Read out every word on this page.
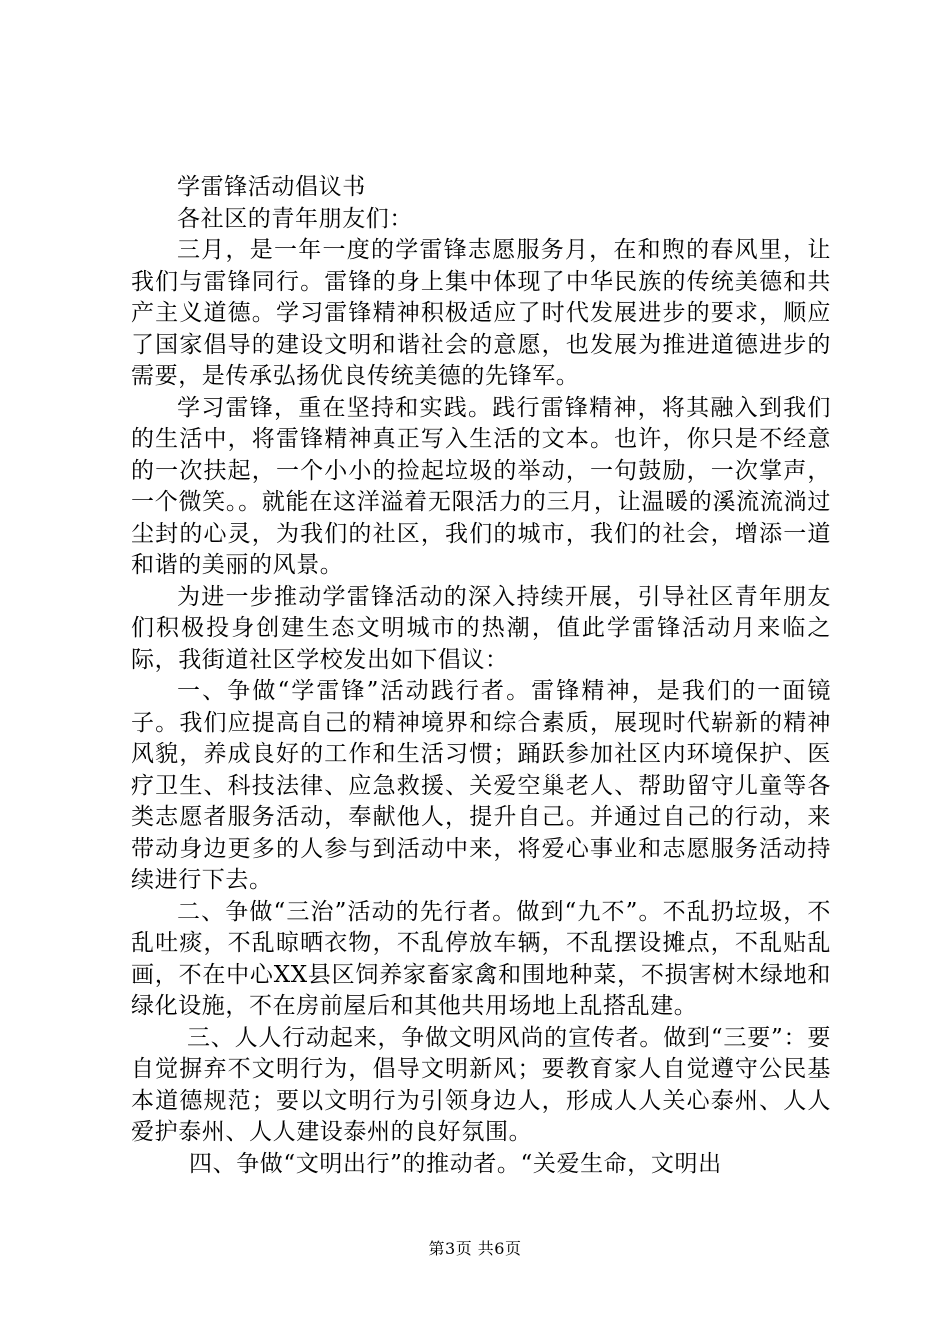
学雷锋活动倡议书

各社区的青年朋友们：

三月，是一年一度的学雷锋志愿服务月，在和煦的春风里，让我们与雷锋同行。雷锋的身上集中体现了中华民族的传统美德和共产主义道德。学习雷锋精神积极适应了时代发展进步的要求，顺应了国家倡导的建设文明和谐社会的意愿，也发展为推进道德进步的需要，是传承弘扬优良传统美德的先锋军。

学习雷锋，重在坚持和实践。践行雷锋精神，将其融入到我们的生活中，将雷锋精神真正写入生活的文本。也许，你只是不经意的一次扶起，一个小小的捡起垃圾的举动，一句鼓励，一次掌声，一个微笑。。就能在这洋溢着无限活力的三月，让温暖的溪流流淌过尘封的心灵，为我们的社区，我们的城市，我们的社会，增添一道和谐的美丽的风景。

为进一步推动学雷锋活动的深入持续开展，引导社区青年朋友们积极投身创建生态文明城市的热潮，值此学雷锋活动月来临之际，我街道社区学校发出如下倡议：

一、争做“学雷锋”活动践行者。雷锋精神，是我们的一面镜子。我们应提高自己的精神境界和综合素质，展现时代崭新的精神风貌，养成良好的工作和生活习惯；踊跃参加社区内环境保护、医疗卫生、科技法律、应急救援、关爱空巢老人、帮助留守儿童等各类志愿者服务活动，奉献他人，提升自己。并通过自己的行动，来带动身边更多的人参与到活动中来，将爱心事业和志愿服务活动持续进行下去。

二、争做“三治”活动的先行者。做到“九不”。不乱扔垃圾，不乱吐痰，不乱晾晒衣物，不乱停放车辆，不乱摆设摊点，不乱贴乱画，不在中心XX县区饲养家畜家禽和围地种菜，不损害树木绿地和绿化设施，不在房前屋后和其他共用场地上乱搭乱建。

三、人人行动起来，争做文明风尚的宣传者。做到“三要”：要自觉摒弃不文明行为，倡导文明新风；要教育家人自觉遵守公民基本道德规范；要以文明行为引领身边人，形成人人关心泰州、人人爱护泰州、人人建设泰州的良好氛围。

四、争做“文明出行”的推动者。“关爱生命，文明出

第3页 共6页
